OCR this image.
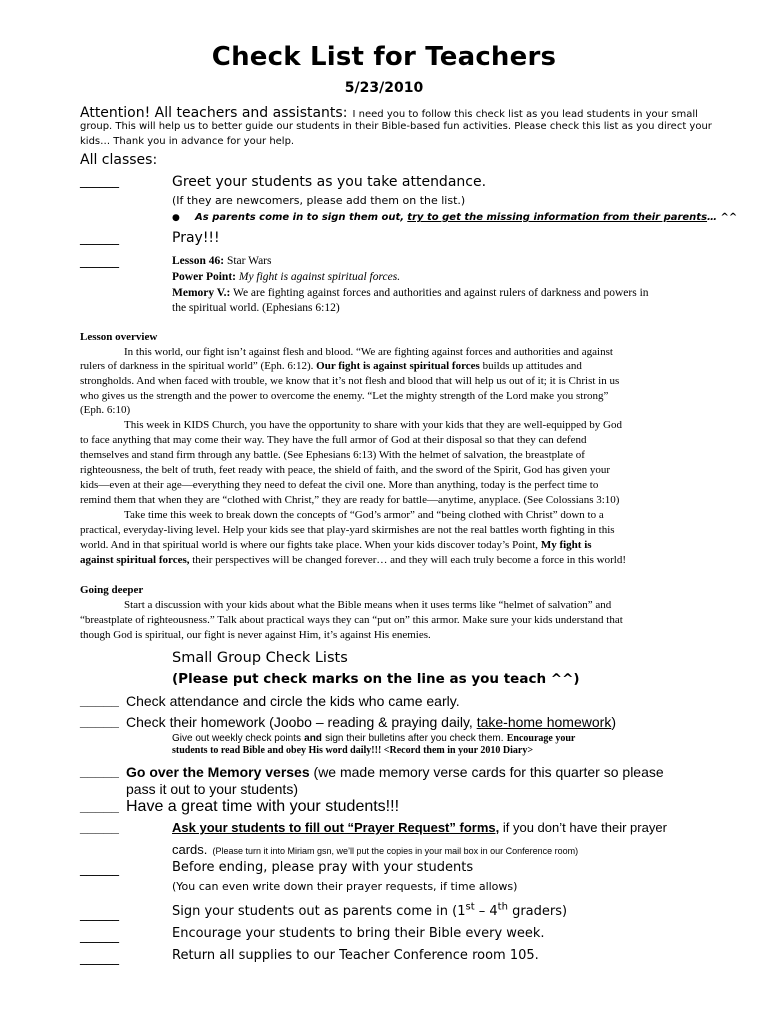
Check List for Teachers
5/23/2010
Attention! All teachers and assistants: I need you to follow this check list as you lead students in your small
group. This will help us to better guide our students in their Bible-based fun activities. Please check this list as you direct your
kids… Thank you in advance for your help.
All classes:
______	Greet your students as you take attendance.
(If they are newcomers, please add them on the list.)
● As parents come in to sign them out, try to get the missing information from their parents… ^^
______	Pray!!!
______	Lesson 46: Star Wars
Power Point: My fight is against spiritual forces.
Memory V.: We are fighting against forces and authorities and against rulers of darkness and powers in
the spiritual world. (Ephesians 6:12)
Lesson overview
In this world, our fight isn’t against flesh and blood. “We are fighting against forces and authorities and against
rulers of darkness in the spiritual world” (Eph. 6:12). Our fight is against spiritual forces builds up attitudes and
strongholds. And when faced with trouble, we know that it’s not flesh and blood that will help us out of it; it is Christ in us
who gives us the strength and the power to overcome the enemy. “Let the mighty strength of the Lord make you strong”
(Eph. 6:10)
This week in KIDS Church, you have the opportunity to share with your kids that they are well-equipped by God
to face anything that may come their way. They have the full armor of God at their disposal so that they can defend
themselves and stand firm through any battle. (See Ephesians 6:13) With the helmet of salvation, the breastplate of
righteousness, the belt of truth, feet ready with peace, the shield of faith, and the sword of the Spirit, God has given your
kids—even at their age—everything they need to defeat the civil one. More than anything, today is the perfect time to
remind them that when they are “clothed with Christ,” they are ready for battle—anytime, anyplace. (See Colossians 3:10)
Take time this week to break down the concepts of “God’s armor” and “being clothed with Christ” down to a
practical, everyday-living level. Help your kids see that play-yard skirmishes are not the real battles worth fighting in this
world. And in that spiritual world is where our fights take place. When your kids discover today’s Point, My fight is
against spiritual forces, their perspectives will be changed forever… and they will each truly become a force in this world!
Going deeper
Start a discussion with your kids about what the Bible means when it uses terms like “helmet of salvation” and
“breastplate of righteousness.” Talk about practical ways they can “put on” this armor. Make sure your kids understand that
though God is spiritual, our fight is never against Him, it’s against His enemies.
Small Group Check Lists
(Please put check marks on the line as you teach ^^)
_____ Check attendance and circle the kids who came early.
_____ Check their homework (Joobo – reading & praying daily, take-home homework)
Give out weekly check points and sign their bulletins after you check them. Encourage your
students to read Bible and obey His word daily!!! <Record them in your 2010 Diary>
_____ Go over the Memory verses (we made memory verse cards for this quarter so please
pass it out to your students)
_____ Have a great time with your students!!!
_____	Ask your students to fill out “Prayer Request” forms, if you don’t have their prayer
cards. (Please turn it into Miriam gsn, we’ll put the copies in your mail box in our Conference room)
______	Before ending, please pray with your students
(You can even write down their prayer requests, if time allows)
______	Sign your students out as parents come in (1st – 4th graders)
______	Encourage your students to bring their Bible every week.
______	Return all supplies to our Teacher Conference room 105.
